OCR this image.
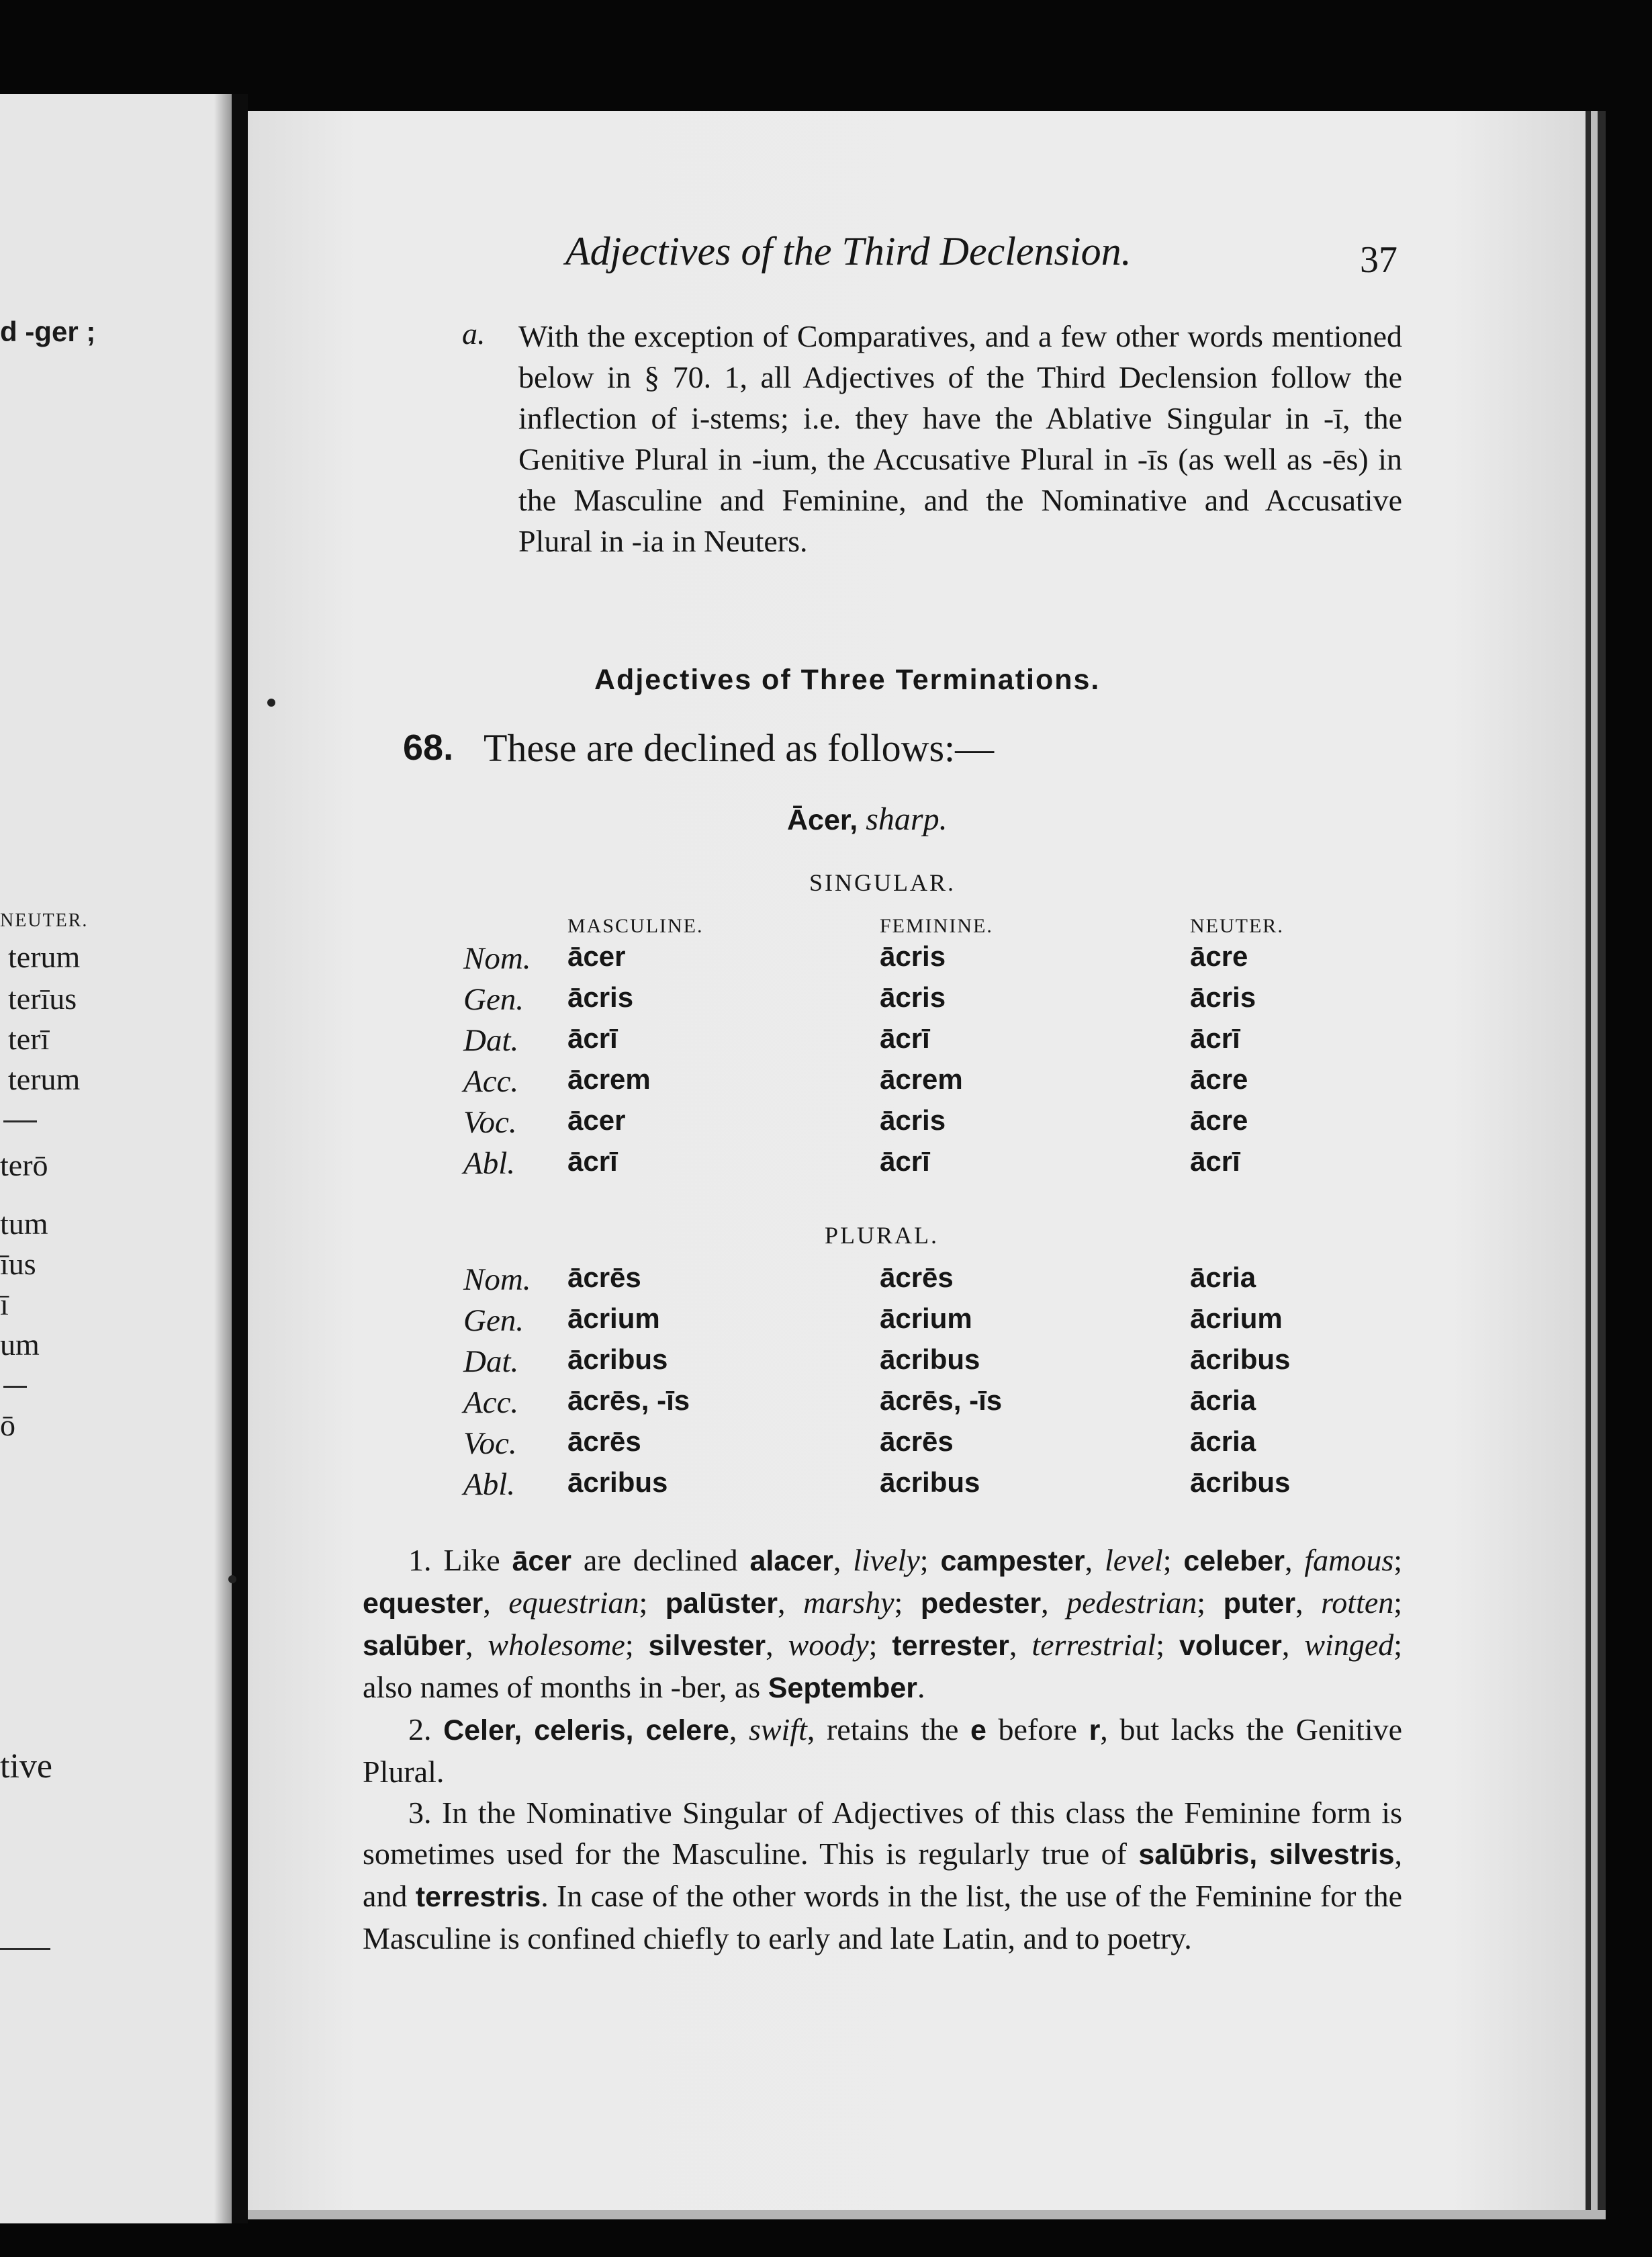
d -ger ;
NEUTER.
terum
terīus
terī
terum
terō
tum
īus
ī
um
ō
tive
Adjectives of the Third Declension.	37
a. With the exception of Comparatives, and a few other words mentioned below in § 70. 1, all Adjectives of the Third Declension follow the inflection of i-stems; i.e. they have the Ablative Singular in -ī, the Genitive Plural in -ium, the Accusative Plural in -īs (as well as -ēs) in the Masculine and Feminine, and the Nominative and Accusative Plural in -ia in Neuters.
Adjectives of Three Terminations.
68. These are declined as follows:—
Ācer, sharp.
SINGULAR.
MASCULINE.	FEMININE.	NEUTER.
Nom. ācer	ācris	ācre
Gen. ācris	ācris	ācris
Dat. ācrī	ācrī	ācrī
Acc. ācrem	ācrem	ācre
Voc. ācer	ācris	ācre
Abl. ācrī	ācrī	ācrī
PLURAL.
Nom. ācrēs	ācrēs	ācria
Gen. ācrium	ācrium	ācrium
Dat. ācribus	ācribus	ācribus
Acc. ācrēs, -īs	ācrēs, -īs	ācria
Voc. ācrēs	ācrēs	ācria
Abl. ācribus	ācribus	ācribus
1. Like ācer are declined alacer, lively; campester, level; celeber, famous; equester, equestrian; palūster, marshy; pedester, pedestrian; puter, rotten; salūber, wholesome; silvester, woody; terrester, terrestrial; volucer, winged; also names of months in -ber, as September.
2. Celer, celeris, celere, swift, retains the e before r, but lacks the Genitive Plural.
3. In the Nominative Singular of Adjectives of this class the Feminine form is sometimes used for the Masculine. This is regularly true of salūbris, silvestris, and terrestris. In case of the other words in the list, the use of the Feminine for the Masculine is confined chiefly to early and late Latin, and to poetry.
